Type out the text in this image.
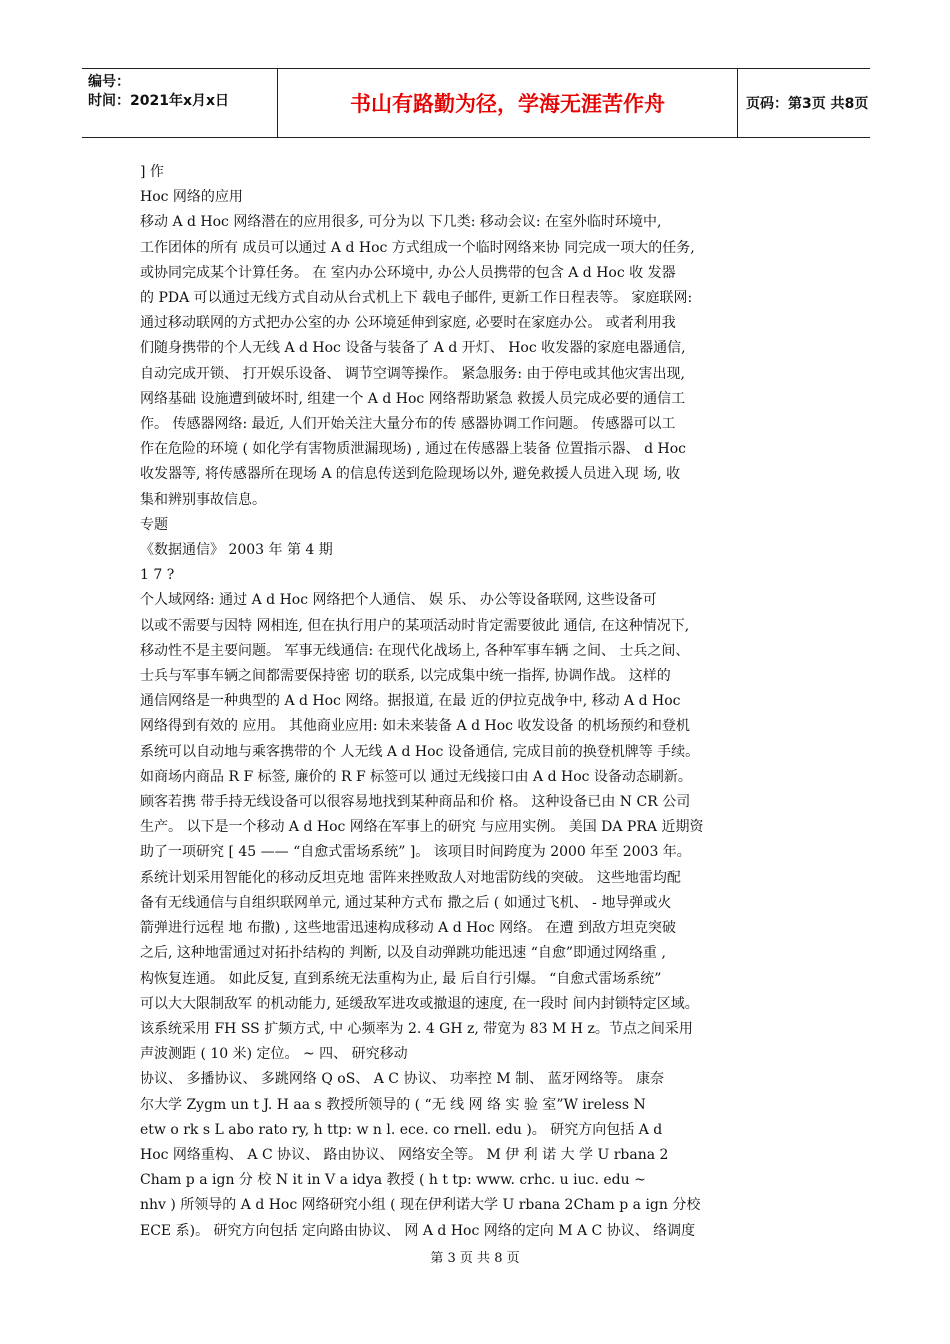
编号：
时间：2021年x月x日	书山有路勤为径，学海无涯苦作舟	页码：第3页 共8页

] 作

Hoc 网络的应用

移动 A d Hoc 网络潜在的应用很多, 可分为以 下几类: 移动会议: 在室外临时环境中,

工作团体的所有 成员可以通过 A d Hoc 方式组成一个临时网络来协 同完成一项大的任务,

或协同完成某个计算任务。 在 室内办公环境中, 办公人员携带的包含 A d Hoc 收 发器

的 PDA 可以通过无线方式自动从台式机上下 载电子邮件, 更新工作日程表等。 家庭联网:

通过移动联网的方式把办公室的办 公环境延伸到家庭, 必要时在家庭办公。 或者利用我

们随身携带的个人无线 A d Hoc 设备与装备了 A d 开灯、 Hoc 收发器的家庭电器通信,

自动完成开锁、 打开娱乐设备、 调节空调等操作。 紧急服务: 由于停电或其他灾害出现,

网络基础 设施遭到破坏时, 组建一个 A d Hoc 网络帮助紧急 救援人员完成必要的通信工

作。 传感器网络: 最近, 人们开始关注大量分布的传 感器协调工作问题。 传感器可以工

作在危险的环境 ( 如化学有害物质泄漏现场) , 通过在传感器上装备 位置指示器、 d Hoc

收发器等, 将传感器所在现场 A 的信息传送到危险现场以外, 避免救援人员进入现 场, 收

集和辨别事故信息。

专题

《数据通信》 2003 年 第 4 期

1 7 ?

个人域网络: 通过 A d Hoc 网络把个人通信、 娱 乐、 办公等设备联网, 这些设备可

以或不需要与因特 网相连, 但在执行用户的某项活动时肯定需要彼此 通信, 在这种情况下,

移动性不是主要问题。 军事无线通信: 在现代化战场上, 各种军事车辆 之间、 士兵之间、

士兵与军事车辆之间都需要保持密 切的联系, 以完成集中统一指挥, 协调作战。 这样的

通信网络是一种典型的 A d Hoc 网络。据报道, 在最 近的伊拉克战争中, 移动 A d Hoc

网络得到有效的 应用。 其他商业应用: 如未来装备 A d Hoc 收发设备 的机场预约和登机

系统可以自动地与乘客携带的个 人无线 A d Hoc 设备通信, 完成目前的换登机牌等 手续。

如商场内商品 R F 标签, 廉价的 R F 标签可以 通过无线接口由 A d Hoc 设备动态刷新。

顾客若携 带手持无线设备可以很容易地找到某种商品和价 格。 这种设备已由 N CR 公司

生产。 以下是一个移动 A d Hoc 网络在军事上的研究 与应用实例。 美国 DA PRA 近期资

助了一项研究 [ 45 —— “自愈式雷场系统” ]。 该项目时间跨度为 2000 年至 2003 年。

系统计划采用智能化的移动反坦克地 雷阵来挫败敌人对地雷防线的突破。 这些地雷均配

备有无线通信与自组织联网单元, 通过某种方式布 撒之后 ( 如通过飞机、 - 地导弹或火

箭弹进行远程 地 布撒) , 这些地雷迅速构成移动 A d Hoc 网络。 在遭 到敌方坦克突破

之后, 这种地雷通过对拓扑结构的 判断, 以及自动弹跳功能迅速 “自愈”即通过网络重 ,

构恢复连通。 如此反复, 直到系统无法重构为止, 最 后自行引爆。 “自愈式雷场系统”

可以大大限制敌军 的机动能力, 延缓敌军进攻或撤退的速度, 在一段时 间内封锁特定区域。

该系统采用 FH SS 扩频方式, 中 心频率为 2. 4 GH z, 带宽为 83 M H z。节点之间采用

声波测距 ( 10 米) 定位。 ~ 四、 研究移动

协议、 多播协议、 多跳网络 Q oS、 A C 协议、 功率控 M 制、 蓝牙网络等。 康奈

尔大学 Zygm un t J. H aa s 教授所领导的 ( “无 线 网 络 实 验 室”W ireless N

etw o rk s L abo rato ry, h ttp: w n l. ece. co rnell. edu )。 研究方向包括 A d

Hoc 网络重构、 A C 协议、 路由协议、 网络安全等。 M 伊 利 诺 大 学 U rbana 2

Cham p a ign 分 校 N it in V a idya 教授 ( h t tp: www. crhc. u iuc. edu ~

nhv ) 所领导的 A d Hoc 网络研究小组 ( 现在伊利诺大学 U rbana 2Cham p a ign 分校

ECE 系)。 研究方向包括 定向路由协议、 网 A d Hoc 网络的定向 M A C 协议、 络调度

第 3 页 共 8 页
